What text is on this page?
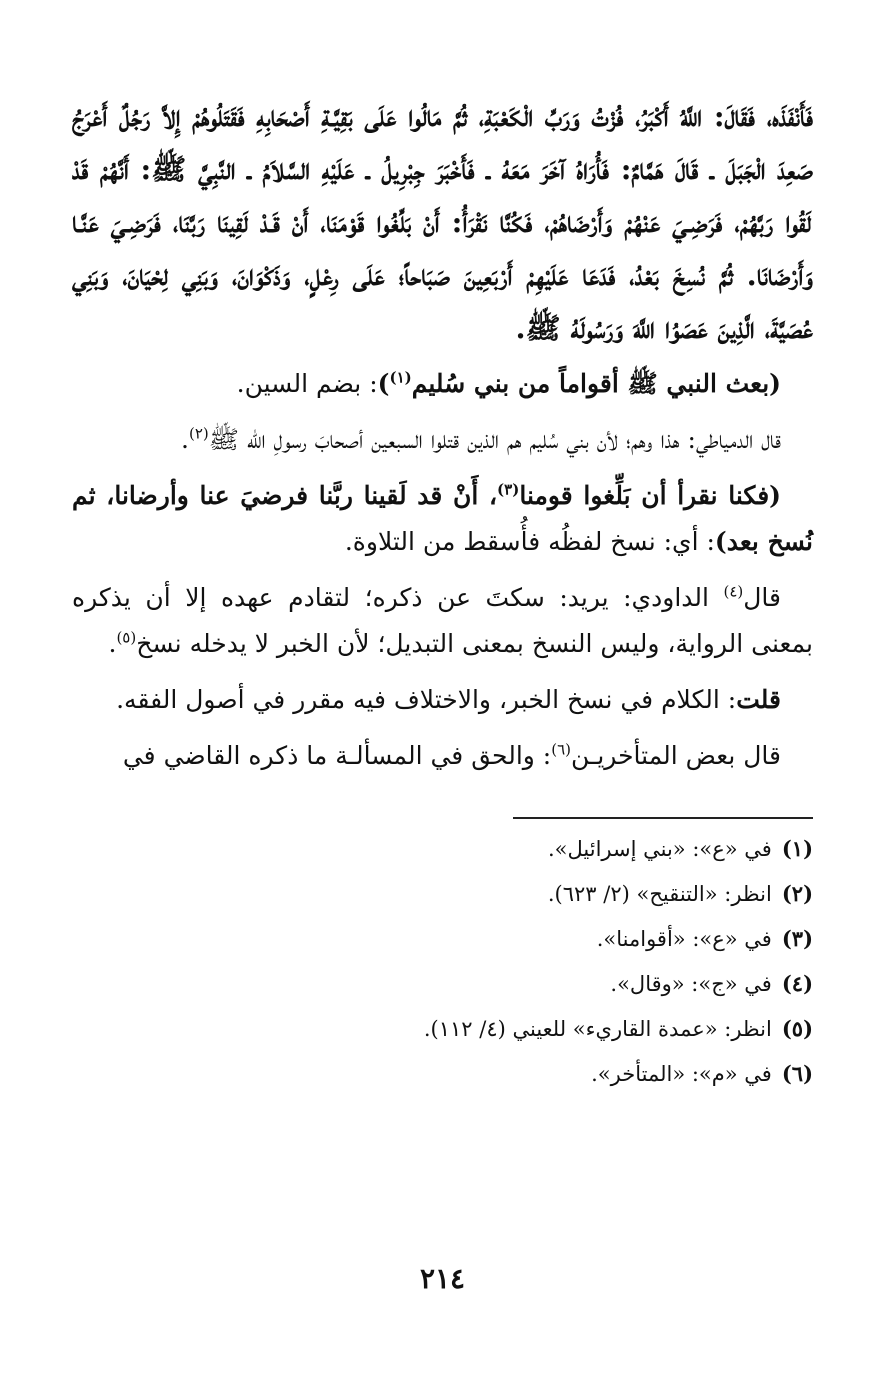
فَأَنْفَذَه، فَقَالَ: اللَّهُ أَكْبَرُ، فُزْتُ وَرَبِّ الْكَعْبَةِ، ثُمَّ مَالُوا عَلَى بَقِيَّـةِ أَصْحَابِهِ فَقَتَلُوهُمْ إِلاَّ رَجُلٌ أَعْرَجُ صَعِدَ الْجَبَلَ ـ قَالَ هَمَّامٌ: فَأُرَاهُ آخَرَ مَعَهُ ـ فَأَخْبَرَ جِبْرِيلُ ـ عَلَيْهِ السَّلاَمُ ـ النَّبِيَّ ﷺ: أَنَّهُمْ قَدْ لَقُوا رَبَّهُمْ، فَرَضِـيَ عَنْهُمْ وَأَرْضَاهُمْ، فَكُنَّا نَقْرَأُ: أَنْ بَلِّغُوا قَوْمَنَا، أَنْ قَـدْ لَقِينَا رَبَّنَا، فَرَضِـيَ عَنَّـا وَأَرْضَانَا. ثُمَّ نُسِخَ بَعْدُ، فَدَعَا عَلَيْهِمْ أَرْبَعِينَ صَبَاحاً؛ عَلَى رِعْلٍ، وَذَكْوَانَ، وَبَنِي لِحْيَانَ، وَبَنِي عُصَيَّةَ، الَّذِينَ عَصَوُا اللَّهَ وَرَسُولَهُ ﷺ.

(بعث النبي ﷺ أقواماً من بني سُليم$^{(١)}$): بضم السين.

قال الدمياطي: هذا وهم؛ لأن بني سُليم هم الذين قتلوا السبعين أصحابَ رسولِ الله ﷺ$^{(٢)}$.

(فكنا نقرأ أن بَلِّغوا قومنا$^{(٣)}$، أَنْ قد لَقينا ربَّنا فرضيَ عنا وأرضانا، ثم نُسخ بعد): أي: نسخ لفظُه فأُسقط من التلاوة.

قال$^{(٤)}$ الداودي: يريد: سكتَ عن ذكره؛ لتقادم عهده إلا أن يذكره بمعنى الرواية، وليس النسخ بمعنى التبديل؛ لأن الخبر لا يدخله نسخ$^{(٥)}$.

قلت: الكلام في نسخ الخبر، والاختلاف فيه مقرر في أصول الفقه.

قال بعض المتأخريـن$^{(٦)}$: والحق في المسألـة ما ذكره القاضي في

(١)في «ع»: «بني إسرائيل».
(٢)انظر: «التنقيح» (٢/ ٦٢٣).
(٣)في «ع»: «أقوامنا».
(٤)في «ج»: «وقال».
(٥)انظر: «عمدة القاريء» للعيني (٤/ ١١٢).
(٦)في «م»: «المتأخر».
٢١٤
